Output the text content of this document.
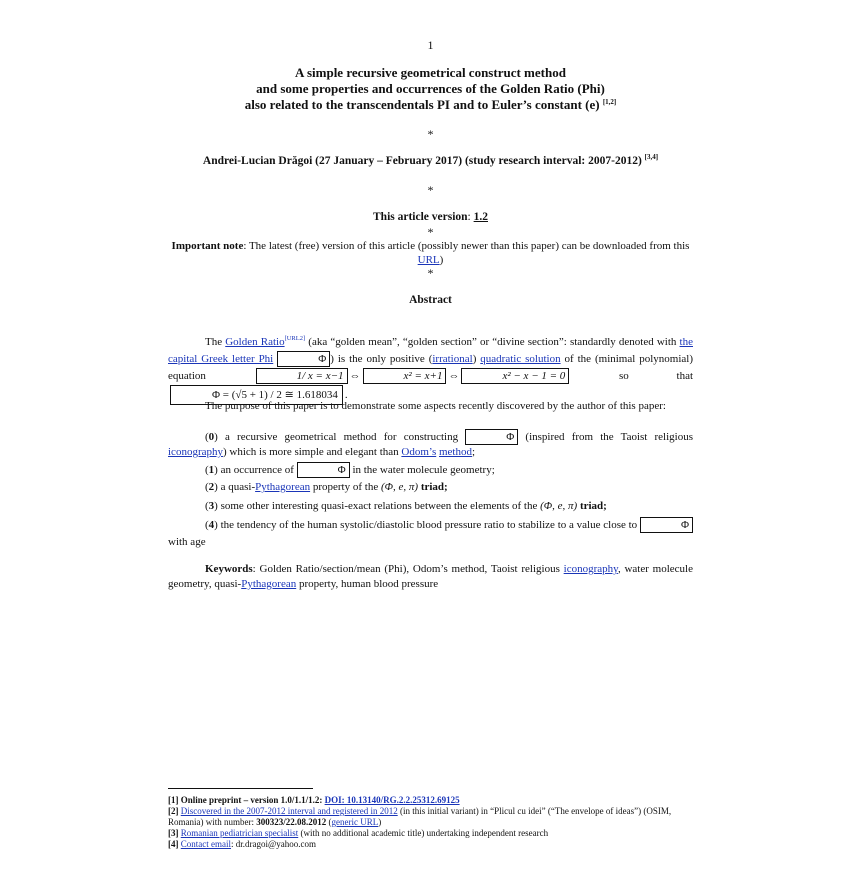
1
A simple recursive geometrical construct method
and some properties and occurrences of the Golden Ratio (Phi)
also related to the transcendentals PI and to Euler’s constant (e) [1,2]
*
Andrei-Lucian Drăgoi (27 January – February 2017) (study research interval: 2007-2012) [3,4]
*
This article version: 1.2
*
Important note: The latest (free) version of this article (possibly newer than this paper) can be downloaded from this URL)
*
Abstract
The Golden Ratio[URL2] (aka “golden mean”, “golden section” or “divine section”: standardly denoted with the capital Greek letter Phi	Φ ) is the only positive (irrational) quadratic solution of the (minimal polynomial) equation	1/ x = x−1 ⇔	x² = x+1 ⇔	x² − x − 1 = 0	so that Φ = (√5 + 1) / 2 ≅ 1.618034 .
The purpose of this paper is to demonstrate some aspects recently discovered by the author of this paper:
(0) a recursive geometrical method for constructing	Φ (inspired from the Taoist religious iconography) which is more simple and elegant than Odom’s method;
(1) an occurrence of	Φ in the water molecule geometry;
(2) a quasi-Pythagorean property of the (Φ, e, π) triad;
(3) some other interesting quasi-exact relations between the elements of the (Φ, e, π) triad;
(4) the tendency of the human systolic/diastolic blood pressure ratio to stabilize to a value close to	Φ with age
Keywords: Golden Ratio/section/mean (Phi), Odom’s method, Taoist religious iconography, water molecule geometry, quasi-Pythagorean property, human blood pressure
[1] Online preprint – version 1.0/1.1/1.2: DOI: 10.13140/RG.2.2.25312.69125
[2] Discovered in the 2007-2012 interval and registered in 2012 (in this initial variant) in “Plicul cu idei” (“The envelope of ideas”) (OSIM, Romania) with number: 300323/22.08.2012 (generic URL)
[3] Romanian pediatrician specialist (with no additional academic title) undertaking independent research
[4] Contact email: dr.dragoi@yahoo.com
